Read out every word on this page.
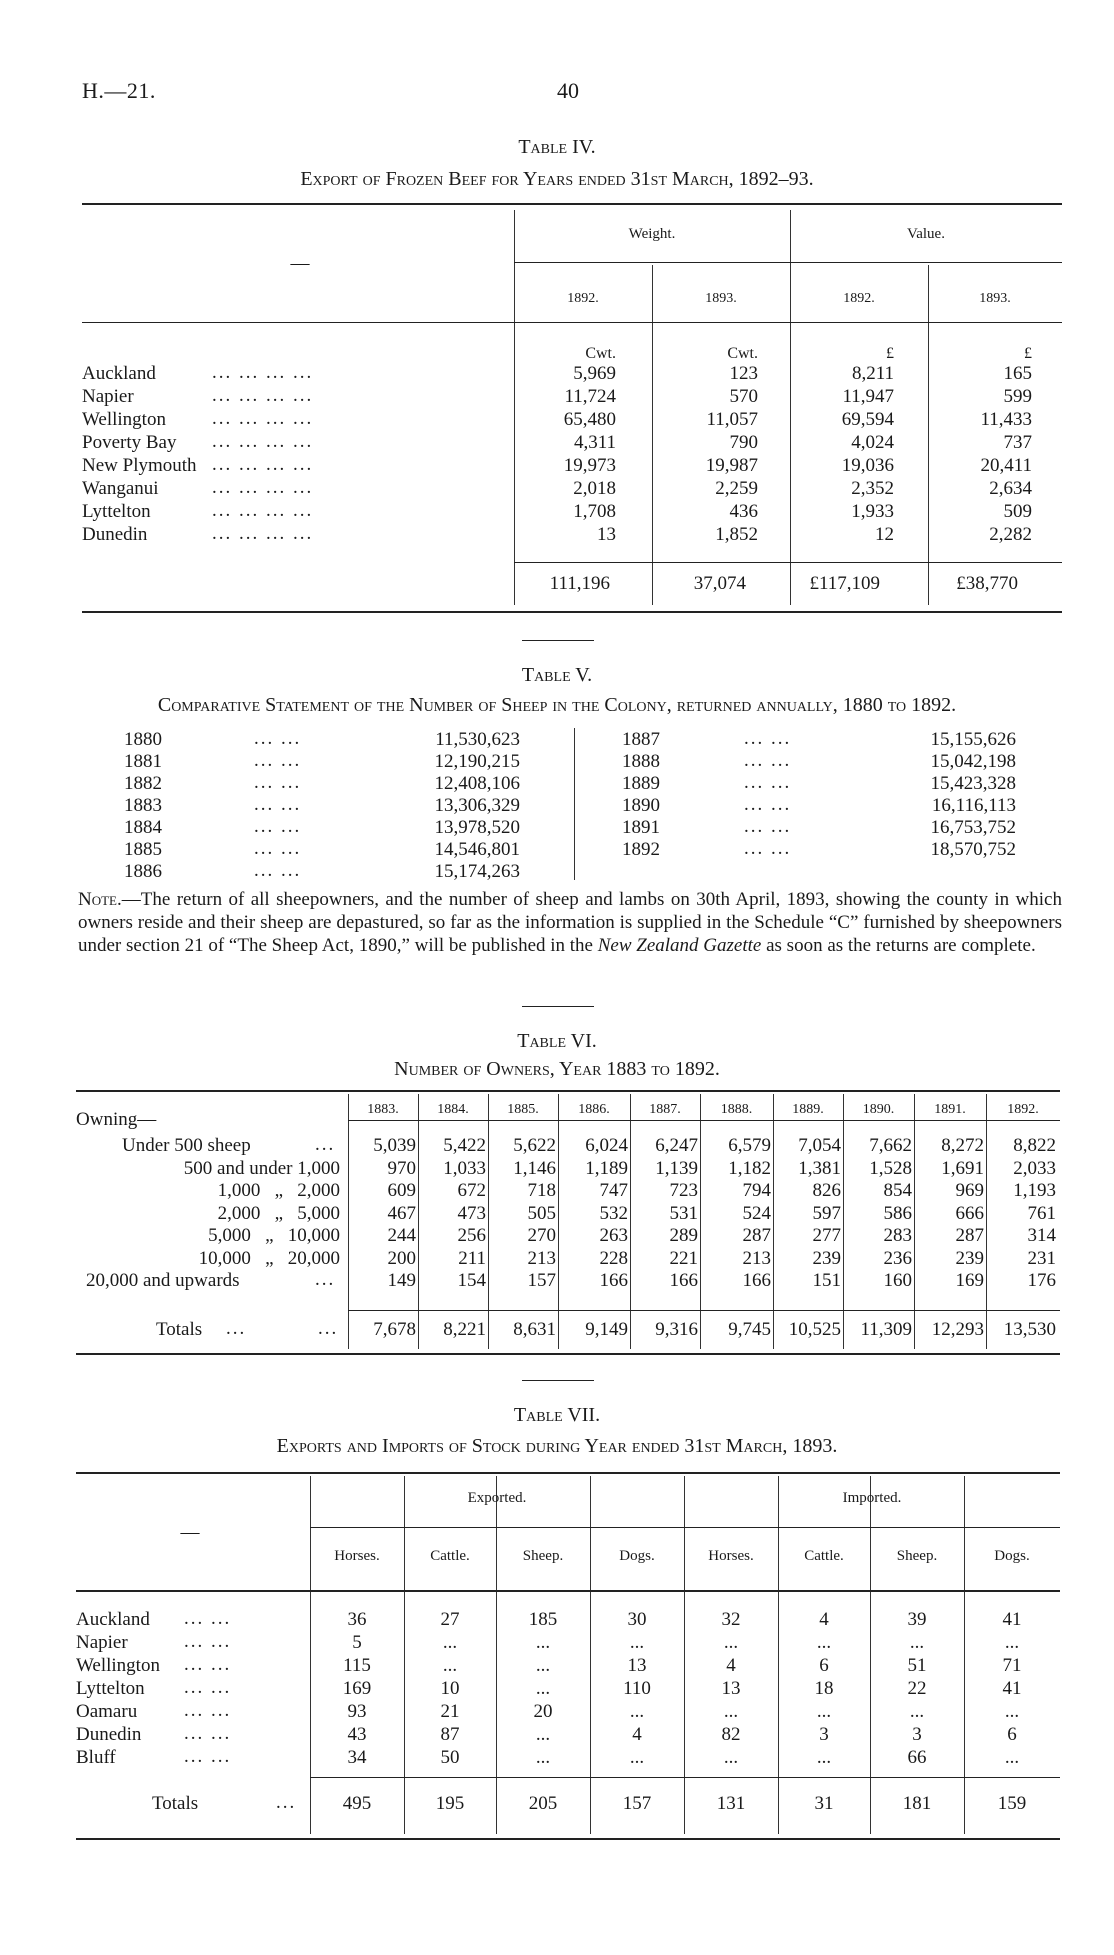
H.—21.	40
Table IV.
Export of Frozen Beef for Years ended 31st March, 1892–93.
—
Weight.	Value.
1892.	1893.	1892.	1893.
Cwt.	Cwt.	£	£
Auckland	... ... ... ...	5,969	123	8,211	165
Napier	... ... ... ...	11,724	570	11,947	599
Wellington ... ... ... ...	65,480	11,057	69,594	11,433
Poverty Bay ... ... ... ...	4,311	790	4,024	737
New Plymouth ... ... ... ...	19,973	19,987	19,036	20,411
Wanganui	... ... ... ...	2,018	2,259	2,352	2,634
Lyttelton	... ... ... ...	1,708	436	1,933	509
Dunedin	... ... ... ...	13	1,852	12	2,282
111,196	37,074	£117,109	£38,770
Table V.
Comparative Statement of the Number of Sheep in the Colony, returned annually, 1880 to 1892.
1880	... ...	11,530,623
1881	... ...	12,190,215
1882	... ...	12,408,106
1883	... ...	13,306,329
1884	... ...	13,978,520
1885	... ...	14,546,801
1886	... ...	15,174,263
1887	... ...	15,155,626
1888	... ...	15,042,198
1889	... ...	15,423,328
1890	... ...	16,116,113
1891	... ...	16,753,752
1892	... ...	18,570,752
Note.—The return of all sheepowners, and the number of sheep and lambs on 30th April, 1893, showing the county in which owners reside and their sheep are depastured, so far as the information is supplied in the Schedule “C” furnished by sheepowners under section 21 of “The Sheep Act, 1890,” will be published in the New Zealand Gazette as soon as the returns are complete.
Table VI.
Number of Owners, Year 1883 to 1892.
1883.	1884.	1885.	1886.	1887.	1888.	1889.	1890.	1891.	1892.
Owning—
Under 500 sheep	...	5,039	5,422	5,622	6,024	6,247	6,579	7,054	7,662	8,272	8,822
500 and under 1,000	970	1,033	1,146	1,189	1,139	1,182	1,381	1,528	1,691	2,033
1,000   „   2,000	609	672	718	747	723	794	826	854	969	1,193
2,000   „   5,000	467	473	505	532	531	524	597	586	666	761
5,000   „   10,000	244	256	270	263	289	287	277	283	287	314
10,000   „   20,000	200	211	213	228	221	213	239	236	239	231
20,000 and upwards	...	149	154	157	166	166	166	151	160	169	176
Totals ...	...	7,678	8,221	8,631	9,149	9,316	9,745 10,525	11,309	12,293	13,530
Table VII.
Exports and Imports of Stock during Year ended 31st March, 1893.
—
Exported.	Imported.
Horses.	Cattle.	Sheep.	Dogs.	Horses.	Cattle.	Sheep.	Dogs.
Auckland ... ...	36	27	185	30	32	4	39	41
Napier	... ...	5	...	...	...	...	...	...	...
Wellington ... ...	115	...	...	13	4	6	51	71
Lyttelton ... ...	169	10	...	110	13	18	22	41
Oamaru ... ...	93	21	20	...	...	...	...	...
Dunedin ... ...	43	87	...	4	82	3	3	6
Bluff	... ...	34	50	...	...	...	...	66	...
Totals	...	495	195	205	157	131	31	181	159
